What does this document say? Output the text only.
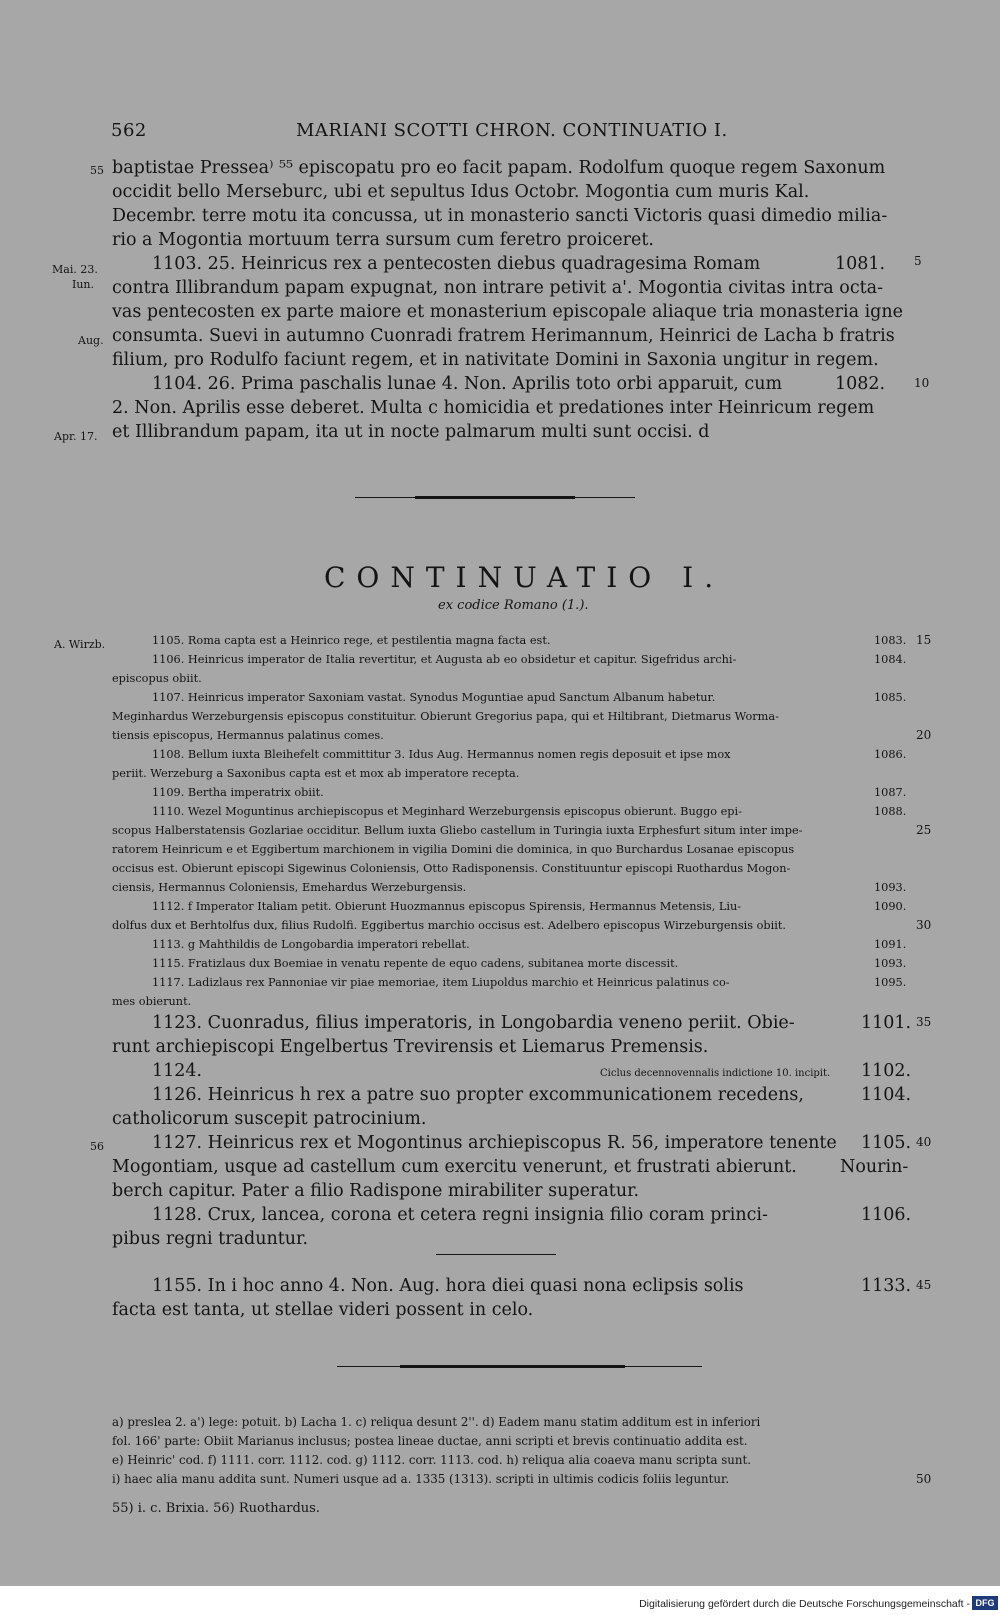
562	MARIANI SCOTTI CHRON. CONTINUATIO I.
55 baptistae Pressea⁾ ⁵⁵ episcopatu pro eo facit papam. Rodolfum quoque regem Saxonum
occidit bello Merseburc, ubi et sepultus Idus Octobr. Mogontia cum muris Kal.
Decembr. terre motu ita concussa, ut in monasterio sancti Victoris quasi dimedio milia-
rio a Mogontia mortuum terra sursum cum feretro proiceret.
Mai. 23.
Iun.
1103. 25. Heinricus rex a pentecosten diebus quadragesima Romam	1081. 5
contra Illibrandum papam expugnat, non intrare petivit a'. Mogontia civitas intra octa-
vas pentecosten ex parte maiore et monasterium episcopale aliaque tria monasteria igne
Aug. consumta. Suevi in autumno Cuonradi fratrem Herimannum, Heinrici de Lacha b fratris
filium, pro Rodulfo faciunt regem, et in nativitate Domini in Saxonia ungitur in regem.
1104. 26. Prima paschalis lunae 4. Non. Aprilis toto orbi apparuit, cum	1082. 10
2. Non. Aprilis esse deberet. Multa c homicidia et predationes inter Heinricum regem
Apr. 17. et Illibrandum papam, ita ut in nocte palmarum multi sunt occisi. d
CONTINUATIO I.
ex codice Romano (1.).
A. Wirzb.	1105. Roma capta est a Heinrico rege, et pestilentia magna facta est.	1083. 15
1106. Heinricus imperator de Italia revertitur, et Augusta ab eo obsidetur et capitur. Sigefridus archi-	1084.
episcopus obiit.
1107. Heinricus imperator Saxoniam vastat. Synodus Moguntiae apud Sanctum Albanum habetur.	1085.
Meginhardus Werzeburgensis episcopus constituitur. Obierunt Gregorius papa, qui et Hiltibrant, Dietmarus Worma-
tiensis episcopus, Hermannus palatinus comes.	20
1108. Bellum iuxta Bleihefelt committitur 3. Idus Aug. Hermannus nomen regis deposuit et ipse mox	1086.
periit. Werzeburg a Saxonibus capta est et mox ab imperatore recepta.
1109. Bertha imperatrix obiit.	1087.
1110. Wezel Moguntinus archiepiscopus et Meginhard Werzeburgensis episcopus obierunt. Buggo epi-	1088.
scopus Halberstatensis Gozlariae occiditur. Bellum iuxta Gliebo castellum in Turingia iuxta Erphesfurt situm inter impe-	25
ratorem Heinricum e et Eggibertum marchionem in vigilia Domini die dominica, in quo Burchardus Losanae episcopus
occisus est. Obierunt episcopi Sigewinus Coloniensis, Otto Radisponensis. Constituuntur episcopi Ruothardus Mogon-
ciensis, Hermannus Coloniensis, Emehardus Werzeburgensis.	1093.
1112. f Imperator Italiam petit. Obierunt Huozmannus episcopus Spirensis, Hermannus Metensis, Liu-	1090.
dolfus dux et Berhtolfus dux, filius Rudolfi. Eggibertus marchio occisus est. Adelbero episcopus Wirzeburgensis obiit.	30
1113. g Mahthildis de Longobardia imperatori rebellat.	1091.
1115. Fratizlaus dux Boemiae in venatu repente de equo cadens, subitanea morte discessit.	1093.
1117. Ladizlaus rex Pannoniae vir piae memoriae, item Liupoldus marchio et Heinricus palatinus co-	1095.
mes obierunt.
1123. Cuonradus, filius imperatoris, in Longobardia veneno periit. Obie-	1101. 35
runt archiepiscopi Engelbertus Trevirensis et Liemarus Premensis.
1124.	Ciclus decennovennalis indictione 10. incipit. 1102.
1126. Heinricus h rex a patre suo propter excommunicationem recedens,	1104.
catholicorum suscepit patrocinium.
56	1127. Heinricus rex et Mogontinus archiepiscopus R. 56, imperatore tenente 1105. 40
Mogontiam, usque ad castellum cum exercitu venerunt, et frustrati abierunt. Nourin-
berch capitur. Pater a filio Radispone mirabiliter superatur.
1128. Crux, lancea, corona et cetera regni insignia filio coram princi-	1106.
pibus regni traduntur.
1155. In i hoc anno 4. Non. Aug. hora diei quasi nona eclipsis solis	1133. 45
facta est tanta, ut stellae videri possent in celo.
a) preslea 2. a') lege: potuit. b) Lacha 1. c) reliqua desunt 2''. d) Eadem manu statim additum est in inferiori
fol. 166' parte: Obiit Marianus inclusus; postea lineae ductae, anni scripti et brevis continuatio addita est.
e) Heinric' cod. f) 1111. corr. 1112. cod. g) 1112. corr. 1113. cod. h) reliqua alia coaeva manu scripta sunt.
i) haec alia manu addita sunt. Numeri usque ad a. 1335 (1313). scripti in ultimis codicis foliis leguntur.	50
55) i. c. Brixia. 56) Ruothardus.
Digitalisierung gefördert durch die Deutsche Forschungsgemeinschaft - DFG
